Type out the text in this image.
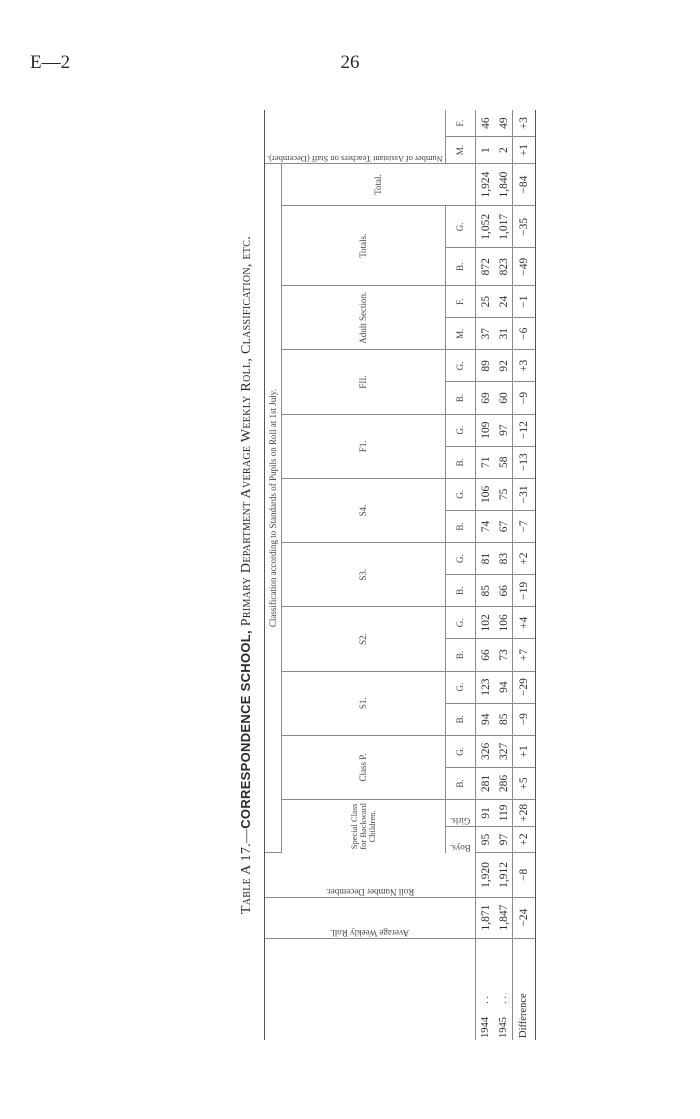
E—2	26
Table A 17.—CORRESPONDENCE SCHOOL, Primary Department Average Weekly Roll, Classification, etc.

	Average Weekly Roll.	Roll Number December.	Classification according to Standards of Pupils on Roll at 1st July.																					Number of Assistant Teachers on Staff (December).	

			Special Class for Backward Children.		Class P.		S1.		S2.		S3.		S4.		F1.		FII.		Adult Section.		Totals.		Total.		

			Boys.	Girls.	B.	G.	B.	G.	B.	G.	B.	G.	B.	G.	B.	G.	B.	G.	M.	F.	B.	G.		M.	F.
1944     . .	1,871	1,920	95	91	281	326	94	123	66	102	85	81	74	106	71	109	69	89	37	25	872	1,052	1,924	1	46
1945     . .	1,847	1,912	97	119	286	327	85	94	73	106	66	83	67	75	58	97	60	92	31	24	823	1,017	1,840	2	49
Difference	−24	−8	+2	+28	+5	+1	−9	−29	+7	+4	−19	+2	−7	−31	−13	−12	−9	+3	−6	−1	−49	−35	−84	+1	+3
